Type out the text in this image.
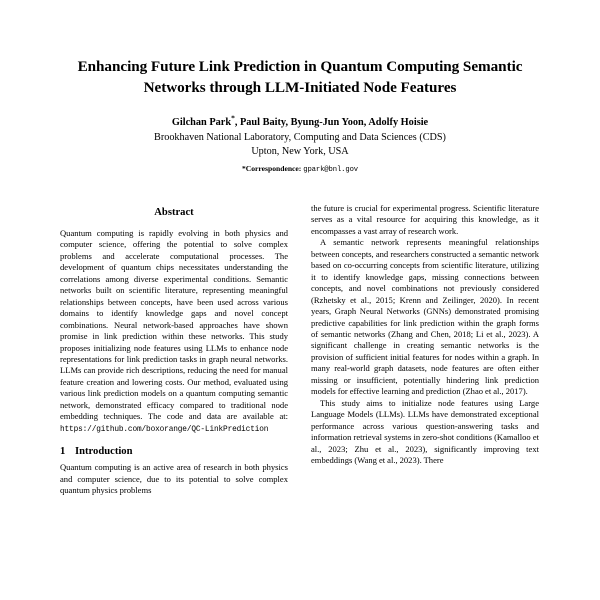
Enhancing Future Link Prediction in Quantum Computing Semantic
Networks through LLM-Initiated Node Features
Gilchan Park*, Paul Baity, Byung-Jun Yoon, Adolfy Hoisie
Brookhaven National Laboratory, Computing and Data Sciences (CDS)
Upton, New York, USA
*Correspondence: gpark@bnl.gov
Abstract

Quantum computing is rapidly evolving in both physics and computer science, offering the potential to solve complex problems and accelerate computational processes. The development of quantum chips necessitates understanding the correlations among diverse experimental conditions. Semantic networks built on scientific literature, representing meaningful relationships between concepts, have been used across various domains to identify knowledge gaps and novel concept combinations. Neural network-based approaches have shown promise in link prediction within these networks. This study proposes initializing node features using LLMs to enhance node representations for link prediction tasks in graph neural networks. LLMs can provide rich descriptions, reducing the need for manual feature creation and lowering costs. Our method, evaluated using various link prediction models on a quantum computing semantic network, demonstrated efficacy compared to traditional node embedding techniques. The code and data are available at: https://github.com/boxorange/QC-LinkPrediction

1 Introduction

Quantum computing is an active area of research in both physics and computer science, due to its potential to solve complex quantum physics problems

the future is crucial for experimental progress. Scientific literature serves as a vital resource for acquiring this knowledge, as it encompasses a vast array of research work.

A semantic network represents meaningful relationships between concepts, and researchers constructed a semantic network based on co-occurring concepts from scientific literature, utilizing it to identify knowledge gaps, missing connections between concepts, and novel combinations not previously considered (Rzhetsky et al., 2015; Krenn and Zeilinger, 2020). In recent years, Graph Neural Networks (GNNs) demonstrated promising predictive capabilities for link prediction within the graph forms of semantic networks (Zhang and Chen, 2018; Li et al., 2023). A significant challenge in creating semantic networks is the provision of sufficient initial features for nodes within a graph. In many real-world graph datasets, node features are often either missing or insufficient, potentially hindering link prediction models for effective learning and prediction (Zhao et al., 2017).

This study aims to initialize node features using Large Language Models (LLMs). LLMs have demonstrated exceptional performance across various question-answering tasks and information retrieval systems in zero-shot conditions (Kamalloo et al., 2023; Zhu et al., 2023), significantly improving text embeddings (Wang et al., 2023). There
